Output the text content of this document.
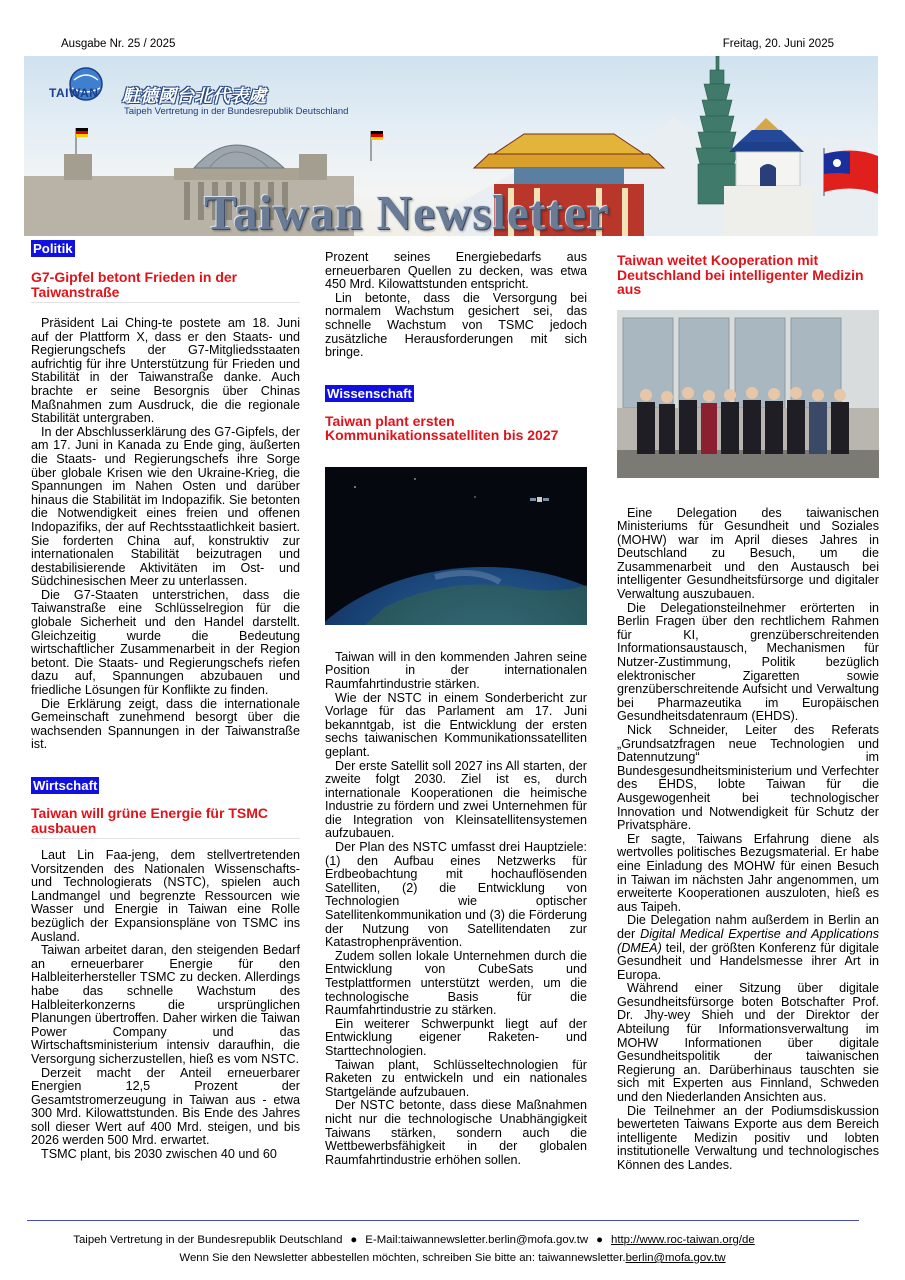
Ausgabe Nr. 25 / 2025	Freitag, 20. Juni 2025
TAIWAN 駐德國台北代表處
Taipeh Vertretung in der Bundesrepublik Deutschland
Taiwan Newsletter
Politik
G7-Gipfel betont Frieden in der Taiwanstraße

Präsident Lai Ching-te postete am 18. Juni auf der Plattform X, dass er den Staats- und Regierungschefs der G7-Mitgliedsstaaten aufrichtig für ihre Unterstützung für Frieden und Stabilität in der Taiwanstraße danke. Auch brachte er seine Besorgnis über Chinas Maßnahmen zum Ausdruck, die die regionale Stabilität untergraben.

In der Abschlusserklärung des G7-Gipfels, der am 17. Juni in Kanada zu Ende ging, äußerten die Staats- und Regierungschefs ihre Sorge über globale Krisen wie den Ukraine-Krieg, die Spannungen im Nahen Osten und darüber hinaus die Stabilität im Indopazifik. Sie betonten die Notwendigkeit eines freien und offenen Indopazifiks, der auf Rechtsstaatlichkeit basiert. Sie forderten China auf, konstruktiv zur internationalen Stabilität beizutragen und destabilisierende Aktivitäten im Ost- und Südchinesischen Meer zu unterlassen.

Die G7-Staaten unterstrichen, dass die Taiwanstraße eine Schlüsselregion für die globale Sicherheit und den Handel darstellt. Gleichzeitig wurde die Bedeutung wirtschaftlicher Zusammenarbeit in der Region betont. Die Staats- und Regierungschefs riefen dazu auf, Spannungen abzubauen und friedliche Lösungen für Konflikte zu finden.

Die Erklärung zeigt, dass die internationale Gemeinschaft zunehmend besorgt über die wachsenden Spannungen in der Taiwanstraße ist.

Wirtschaft
Taiwan will grüne Energie für TSMC ausbauen

Laut Lin Faa-jeng, dem stellvertretenden Vorsitzenden des Nationalen Wissenschafts- und Technologierats (NSTC), spielen auch Landmangel und begrenzte Ressourcen wie Wasser und Energie in Taiwan eine Rolle bezüglich der Expansionspläne von TSMC ins Ausland.

Taiwan arbeitet daran, den steigenden Bedarf an erneuerbarer Energie für den Halbleiterhersteller TSMC zu decken. Allerdings habe das schnelle Wachstum des Halbleiterkonzerns die ursprünglichen Planungen übertroffen. Daher wirken die Taiwan Power Company und das Wirtschaftsministerium intensiv daraufhin, die Versorgung sicherzustellen, hieß es vom NSTC.

Derzeit macht der Anteil erneuerbarer Energien 12,5 Prozent der Gesamtstromerzeugung in Taiwan aus - etwa 300 Mrd. Kilowattstunden. Bis Ende des Jahres soll dieser Wert auf 400 Mrd. steigen, und bis 2026 werden 500 Mrd. erwartet.

TSMC plant, bis 2030 zwischen 40 und 60

Prozent seines Energiebedarfs aus erneuerbaren Quellen zu decken, was etwa 450 Mrd. Kilowattstunden entspricht.

Lin betonte, dass die Versorgung bei normalem Wachstum gesichert sei, das schnelle Wachstum von TSMC jedoch zusätzliche Herausforderungen mit sich bringe.

Wissenschaft
Taiwan plant ersten Kommunikationssatelliten bis 2027

Taiwan will in den kommenden Jahren seine Position in der internationalen Raumfahrtindustrie stärken.

Wie der NSTC in einem Sonderbericht zur Vorlage für das Parlament am 17. Juni bekanntgab, ist die Entwicklung der ersten sechs taiwanischen Kommunikationssatelliten geplant.

Der erste Satellit soll 2027 ins All starten, der zweite folgt 2030. Ziel ist es, durch internationale Kooperationen die heimische Industrie zu fördern und zwei Unternehmen für die Integration von Kleinsatellitensystemen aufzubauen.

Der Plan des NSTC umfasst drei Hauptziele: (1) den Aufbau eines Netzwerks für Erdbeobachtung mit hochauflösenden Satelliten, (2) die Entwicklung von Technologien wie optischer Satellitenkommunikation und (3) die Förderung der Nutzung von Satellitendaten zur Katastrophenprävention.

Zudem sollen lokale Unternehmen durch die Entwicklung von CubeSats und Testplattformen unterstützt werden, um die technologische Basis für die Raumfahrtindustrie zu stärken.

Ein weiterer Schwerpunkt liegt auf der Entwicklung eigener Raketen- und Starttechnologien.

Taiwan plant, Schlüsseltechnologien für Raketen zu entwickeln und ein nationales Startgelände aufzubauen.

Der NSTC betonte, dass diese Maßnahmen nicht nur die technologische Unabhängigkeit Taiwans stärken, sondern auch die Wettbewerbsfähigkeit in der globalen Raumfahrtindustrie erhöhen sollen.

Taiwan weitet Kooperation mit Deutschland bei intelligenter Medizin aus

Eine Delegation des taiwanischen Ministeriums für Gesundheit und Soziales (MOHW) war im April dieses Jahres in Deutschland zu Besuch, um die Zusammenarbeit und den Austausch bei intelligenter Gesundheitsfürsorge und digitaler Verwaltung auszubauen.

Die Delegationsteilnehmer erörterten in Berlin Fragen über den rechtlichem Rahmen für KI, grenzüberschreitenden Informationsaustausch, Mechanismen für Nutzer-Zustimmung, Politik bezüglich elektronischer Zigaretten sowie grenzüberschreitende Aufsicht und Verwaltung bei Pharmazeutika im Europäischen Gesundheitsdatenraum (EHDS).

Nick Schneider, Leiter des Referats „Grundsatzfragen neue Technologien und Datennutzung“ im Bundesgesundheitsministerium und Verfechter des EHDS, lobte Taiwan für die Ausgewogenheit bei technologischer Innovation und Notwendigkeit für Schutz der Privatsphäre.

Er sagte, Taiwans Erfahrung diene als wertvolles politisches Bezugsmaterial. Er habe eine Einladung des MOHW für einen Besuch in Taiwan im nächsten Jahr angenommen, um erweiterte Kooperationen auszuloten, hieß es aus Taipeh.

Die Delegation nahm außerdem in Berlin an der Digital Medical Expertise and Applications (DMEA) teil, der größten Konferenz für digitale Gesundheit und Handelsmesse ihrer Art in Europa.

Während einer Sitzung über digitale Gesundheitsfürsorge boten Botschafter Prof. Dr. Jhy-wey Shieh und der Direktor der Abteilung für Informationsverwaltung im MOHW Informationen über digitale Gesundheitspolitik der taiwanischen Regierung an. Darüberhinaus tauschten sie sich mit Experten aus Finnland, Schweden und den Niederlanden Ansichten aus.

Die Teilnehmer an der Podiumsdiskussion bewerteten Taiwans Exporte aus dem Bereich intelligente Medizin positiv und lobten institutionelle Verwaltung und technologisches Können des Landes.

Taipeh Vertretung in der Bundesrepublik Deutschland ● E-Mail:taiwannewsletter.berlin@mofa.gov.tw ● http://www.roc-taiwan.org/de
Wenn Sie den Newsletter abbestellen möchten, schreiben Sie bitte an: taiwannewsletter.berlin@mofa.gov.tw
